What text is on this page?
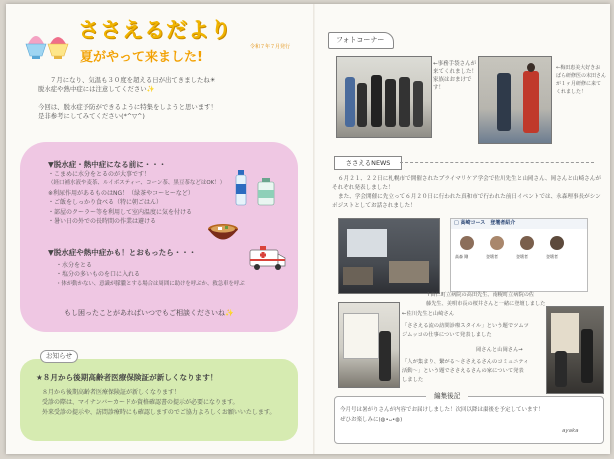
ささえるだより
令和７年７月発行
夏がやって来ました!
７月になり、気温も３０度を超える日が出てきましたね☀
脱水症や熱中症には注意してください✨
今回は、脱水症予防ができるように特集をしようと思います！
是非参考にしてみてください(*^▽^)
▼脱水症・熱中症になる前に・・・
・こまめに水分をとるのが大事です！
（経口補水液や麦茶、ルイボスティー、コーン茶、黒豆茶などはOK！）
※利尿作用があるものはNG！（緑茶やコーヒーなど）
・ご飯をしっかり食べる（特に朝ごはん）
・部屋のクーラー等を利用して室内温度に気を付ける
・暑い日の外での長時間の作業は避ける
▼脱水症や熱中症かも！とおもったら・・・
・水分をとる
・塩分の多いものを口に入れる
・体が動かない、意識が朦朧とする場合は周囲に助けを呼ぶか、救急車を呼ぶ
もし困ったことがあればいつでもご相談くださいね✨
お知らせ
★８月から後期高齢者医療保険証が新しくなります！
８月から後期高齢者医療保険証が新しくなります！
受診の際は、マイナンバーカードか資格確認書の提示が必要になります。
外来受診の提示や、訪問診療時にも確認しますのでご協力よろしくお願いいたします。
フォトコーナー
←事務手袋さんが
来てくれました！
家族はおまけで
す！
←梅田恵美大好きお
ばら研修医の末田さん
が１ヶ月研修に来て
くれました！
ささえるNEWS
６月２１、２２日に札幌市で開催されたプライマリケア学会で佐川先生と山岡さん、岡さんと山崎さんが
それぞれ発表しました！
また、学会開催に先立って６月２０日に行われた真和市で行われた前日イベントでは、永森理事長がシン
ポジストとしてお話されました！
□ 高崎コース　登壇者紹介
高森 剛	登壇者	登壇者	登壇者
↑由仁町立病院の高田先生、南幌町立病院の佐
藤先生、美唄市長の桜井さんと一緒に登壇しました
←佐川先生と山崎さん
「ささえる流の訪問診療スタイル」という題でツムツ
ジムッコの仕事について発表しました
岡さんと山岡さん→
「人が集まり、繋がる〜ささえるさんのコミュニティ
活動〜」という題でささえるさんの家について発表
しました
編集後記
今月号は暑がりさんが内容でお届けしました！次回以降は粛後を予定しています！
ぜひお楽しみに(◍•ᴗ•◍)
ayaka
